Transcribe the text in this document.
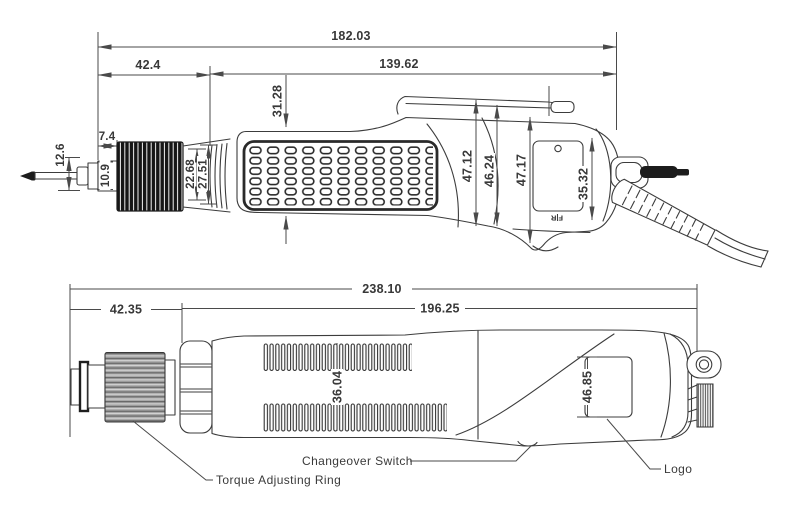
182.03
42.4	139.62
31.28
12.6
7.4
10.9	22.68 27.51
F|R
47.12 46.24 47.17	35.32
238.10
42.35	196.25
36.04	46.85
Changeover Switch
Torque Adjusting Ring
Logo
